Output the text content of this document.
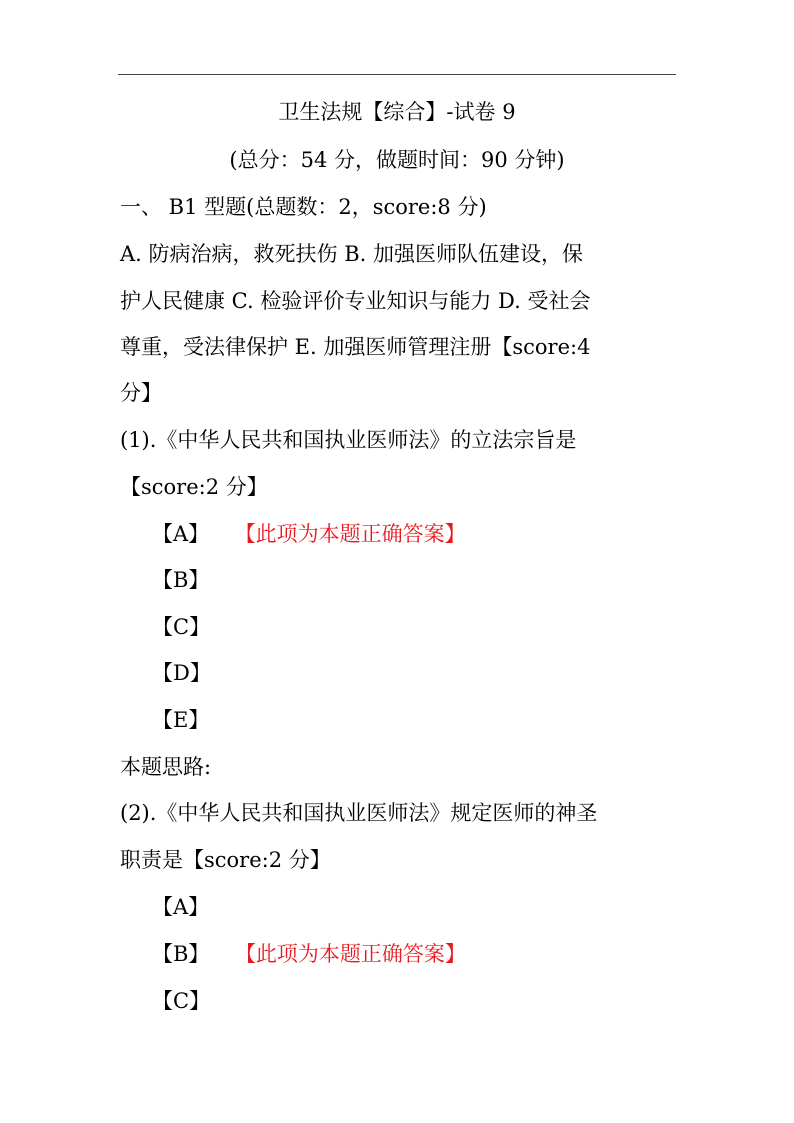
卫生法规【综合】-试卷 9
(总分：54 分，做题时间：90 分钟)
一、 B1 型题(总题数：2，score:8 分)
A. 防病治病，救死扶伤 B. 加强医师队伍建设，保
护人民健康 C. 检验评价专业知识与能力 D. 受社会
尊重，受法律保护 E. 加强医师管理注册【score:4
分】
(1).《中华人民共和国执业医师法》的立法宗旨是
【score:2 分】
【A】 【此项为本题正确答案】
【B】
【C】
【D】
【E】
本题思路:
(2).《中华人民共和国执业医师法》规定医师的神圣
职责是【score:2 分】
【A】
【B】 【此项为本题正确答案】
【C】
